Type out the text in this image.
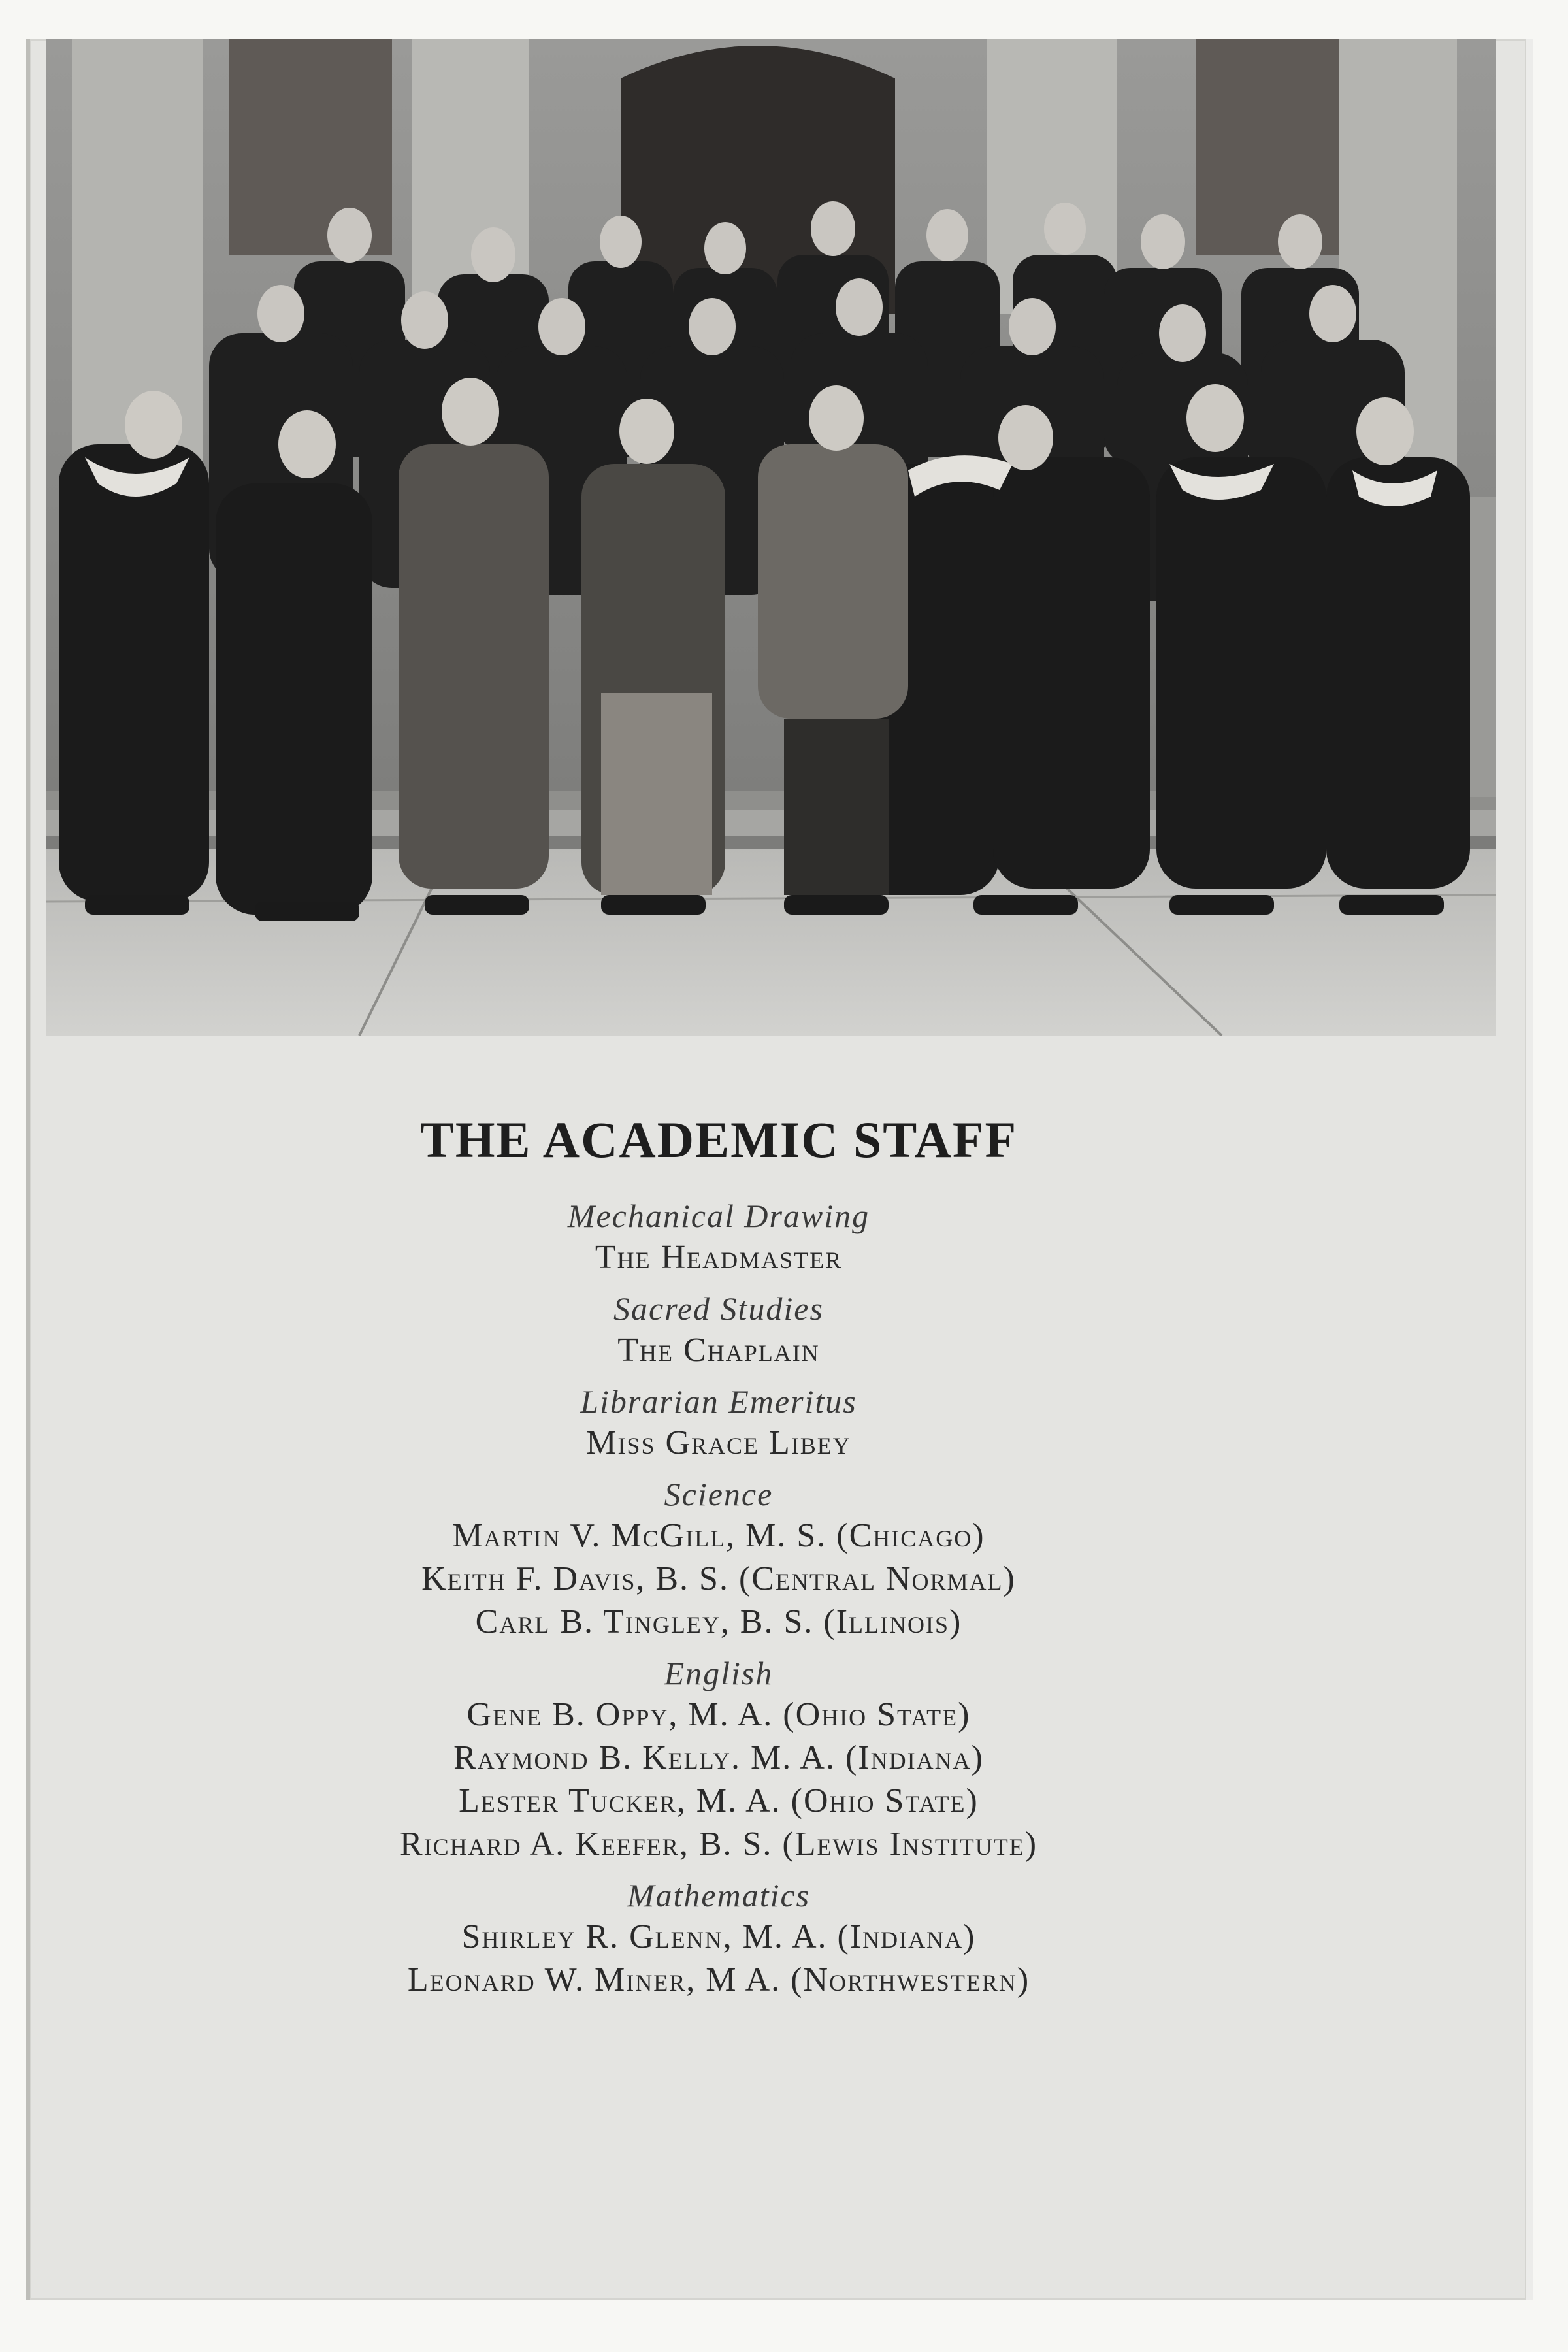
THE ACADEMIC STAFF
Mechanical Drawing
The Headmaster
Sacred Studies
The Chaplain
Librarian Emeritus
Miss Grace Libey
Science
Martin V. McGill, M. S. (Chicago)
Keith F. Davis, B. S. (Central Normal)
Carl B. Tingley, B. S. (Illinois)
English
Gene B. Oppy, M. A. (Ohio State)
Raymond B. Kelly. M. A. (Indiana)
Lester Tucker, M. A. (Ohio State)
Richard A. Keefer, B. S. (Lewis Institute)
Mathematics
Shirley R. Glenn, M. A. (Indiana)
Leonard W. Miner, M A. (Northwestern)
